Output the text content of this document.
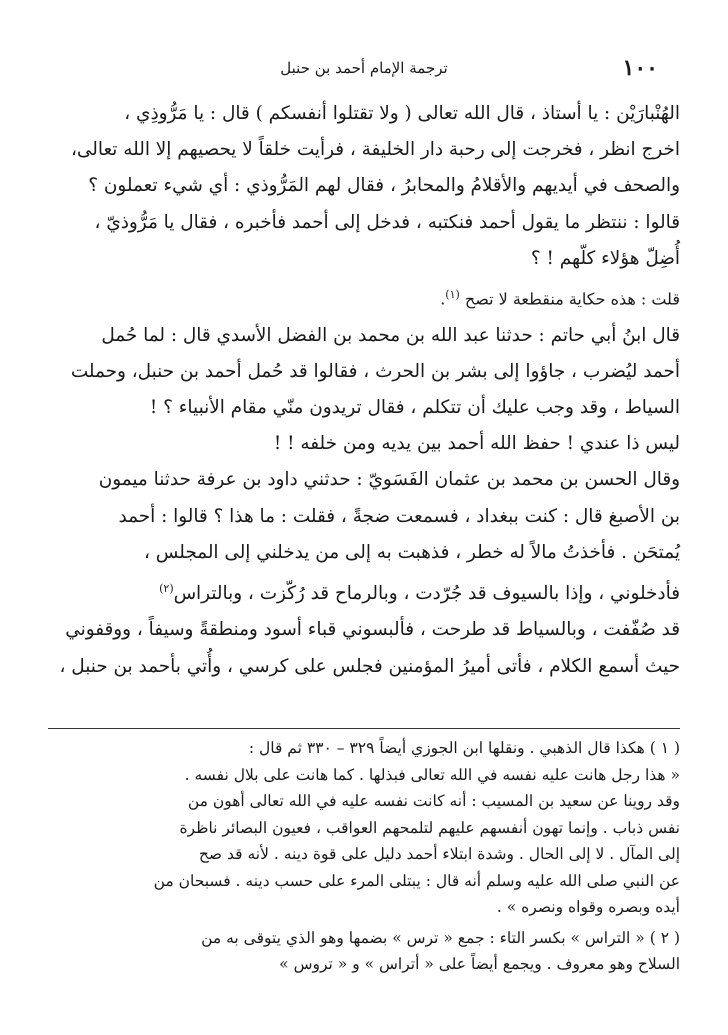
١٠٠
ترجمة الإمام أحمد بن حنبل

الهُنْبارَيْن : يا أستاذ ، قال الله تعالى ( ولا تقتلوا أنفسكم ) قال : يا مَرُّوذِي ،
اخرج انظر ، فخرجت إلى رحبة دار الخليفة ، فرأيت خلقاً لا يحصيهم إلا الله تعالى،
والصحف في أيديهم والأقلامُ والمحابرُ ، فقال لهم المَرُّوذي : أي شيء تعملون ؟
قالوا : ننتظر ما يقول أحمد فنكتبه ، فدخل إلى أحمد فأخبره ، فقال يا مَرُّوذيّ ،
أُضِلّ هؤلاء كلّهم ! ؟

قلت : هذه حكاية منقطعة لا تصح $^{(١)}$.

قال ابنُ أبي حاتم : حدثنا عبد الله بن محمد بن الفضل الأسدي قال : لما حُمل
أحمد ليُضرب ، جاؤوا إلى بشر بن الحرث ، فقالوا قد حُمل أحمد بن حنبل، وحملت
السياط ، وقد وجب عليك أن تتكلم ، فقال تريدون منّي مقام الأنبياء ؟ !
ليس ذا عندي ! حفظ الله أحمد بين يديه ومن خلفه ! !

وقال الحسن بن محمد بن عثمان الفَسَويّ : حدثني داود بن عرفة حدثنا ميمون
بن الأصبغ قال : كنت ببغداد ، فسمعت ضجةً ، فقلت : ما هذا ؟ قالوا : أحمد
يُمتحَن . فأخذتُ مالاً له خطر ، فذهبت به إلى من يدخلني إلى المجلس ،
فأدخلوني ، وإذا بالسيوف قد جُرّدت ، وبالرماح قد رُكّزت ، وبالتراس$^{(٢)}$
قد صُفّفت ، وبالسياط قد طرحت ، فألبسوني قباء أسود ومنطقةً وسيفاً ، ووقفوني
حيث أسمع الكلام ، فأتى أميرُ المؤمنين فجلس على كرسي ، وأُتي بأحمد بن حنبل ،

( ١ ) هكذا قال الذهبي . ونقلها ابن الجوزي أيضاً ٣٢٩ – ٣٣٠ ثم قال :
« هذا رجل هانت عليه نفسه في الله تعالى فبذلها . كما هانت على بلال نفسه .
وقد روينا عن سعيد بن المسيب : أنه كانت نفسه عليه في الله تعالى أهون من
نفس ذباب . وإنما تهون أنفسهم عليهم لتلمحهم العواقب ، فعيون البصائر ناظرة
إلى المآل . لا إلى الحال . وشدة ابتلاء أحمد دليل على قوة دينه . لأنه قد صح
عن النبي صلى الله عليه وسلم أنه قال : يبتلى المرء على حسب دينه . فسبحان من
أيده وبصره وقواه ونصره » .
( ٢ ) « التراس » بكسر التاء : جمع « ترس » بضمها وهو الذي يتوقى به من
السلاح وهو معروف . ويجمع أيضاً على « أتراس » و « تروس »
